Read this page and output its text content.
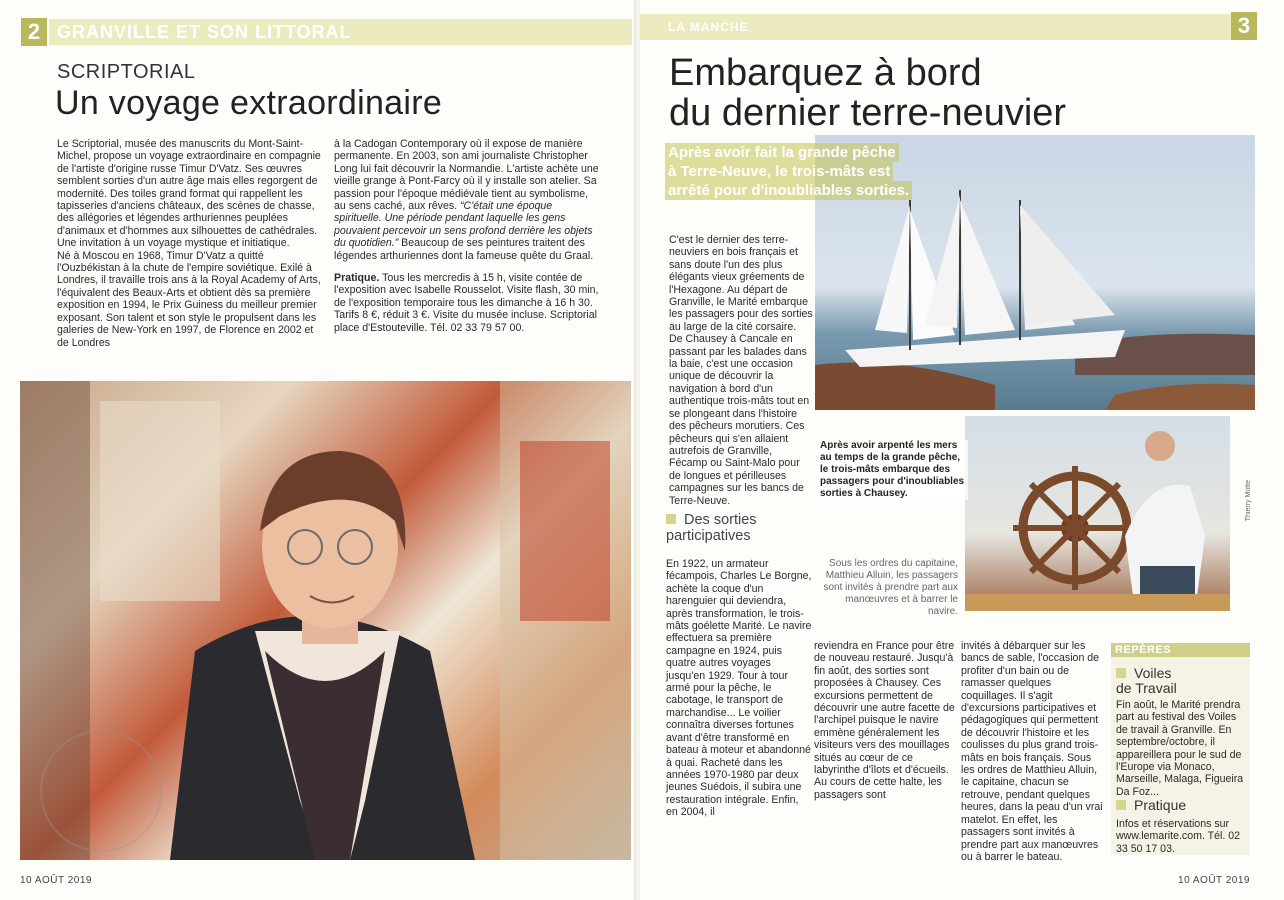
2 GRANVILLE ET SON LITTORAL
SCRIPTORIAL
Un voyage extraordinaire

Le Scriptorial, musée des manuscrits du Mont-Saint-Michel, propose un voyage extraordinaire en compagnie de l'artiste d'origine russe Timur D'Vatz. Ses œuvres semblent sorties d'un autre âge mais elles regorgent de modernité. Des toiles grand format qui rappellent les tapisseries d'anciens châteaux, des scènes de chasse, des allégories et légendes arthuriennes peuplées d'animaux et d'hommes aux silhouettes de cathédrales. Une invitation à un voyage mystique et initiatique.

Né à Moscou en 1968, Timur D'Vatz a quitté l'Ouzbékistan à la chute de l'empire soviétique. Exilé à Londres, il travaille trois ans à la Royal Academy of Arts, l'équivalent des Beaux-Arts et obtient dès sa première exposition en 1994, le Prix Guiness du meilleur premier exposant. Son talent et son style le propulsent dans les galeries de New-York en 1997, de Florence en 2002 et de Londres

à la Cadogan Contemporary où il expose de manière permanente. En 2003, son ami journaliste Christopher Long lui fait découvrir la Normandie. L'artiste achète une vieille grange à Pont-Farcy où il y installe son atelier. Sa passion pour l'époque médiévale tient au symbolisme, au sens caché, aux rêves. “C'était une époque spirituelle. Une période pendant laquelle les gens pouvaient percevoir un sens profond derrière les objets du quotidien.” Beaucoup de ses peintures traitent des légendes arthuriennes dont la fameuse quête du Graal.

Pratique. Tous les mercredis à 15 h, visite contée de l'exposition avec Isabelle Rousselot. Visite flash, 30 min, de l'exposition temporaire tous les dimanche à 16 h 30. Tarifs 8 €, réduit 3 €. Visite du musée incluse. Scriptorial place d'Estouteville. Tél. 02 33 79 57 00.

10 AOÛT 2019
LA MANCHE	3
Embarquez à bord
du dernier terre-neuvier
Après avoir fait la grande pêche
à Terre-Neuve, le trois-mâts est
arrêté pour d'inoubliables sorties.
Après avoir arpenté les mers au temps de la grande pêche, le trois-mâts embarque des passagers pour d'inoubliables sorties à Chausey.	Thierry Motte

C'est le dernier des terre-neuviers en bois français et sans doute l'un des plus élégants vieux gréements de l'Hexagone. Au départ de Granville, le Marité embarque les passagers pour des sorties au large de la cité corsaire.

De Chausey à Cancale en passant par les balades dans la baie, c'est une occasion unique de découvrir la navigation à bord d'un authentique trois-mâts tout en se plongeant dans l'histoire des pêcheurs morutiers. Ces pêcheurs qui s'en allaient autrefois de Granville, Fécamp ou Saint-Malo pour de longues et périlleuses campagnes sur les bancs de Terre-Neuve.

Des sorties
participatives
Sous les ordres du capitaine, Matthieu Alluin, les passagers sont invités à prendre part aux manœuvres et à barrer le navire.
En 1922, un armateur fécampois, Charles Le Borgne, achète la coque d'un harenguier qui deviendra, après transformation, le trois-mâts goélette Marité. Le navire effectuera sa première campagne en 1924, puis quatre autres voyages jusqu'en 1929. Tour à tour armé pour la pêche, le cabotage, le transport de marchandise... Le voilier connaîtra diverses fortunes avant d'être transformé en bateau à moteur et abandonné à quai. Racheté dans les années 1970-1980 par deux jeunes Suédois, il subira une restauration intégrale. Enfin, en 2004, il
reviendra en France pour être de nouveau restauré. Jusqu'à fin août, des sorties sont proposées à Chausey. Ces excursions permettent de découvrir une autre facette de l'archipel puisque le navire emmène généralement les visiteurs vers des mouillages situés au cœur de ce labyrinthe d'îlots et d'écueils. Au cours de cette halte, les passagers sont
invités à débarquer sur les bancs de sable, l'occasion de profiter d'un bain ou de ramasser quelques coquillages. Il s'agit d'excursions participatives et pédagogiques qui permettent de découvrir l'histoire et les coulisses du plus grand trois-mâts en bois français. Sous les ordres de Matthieu Alluin, le capitaine, chacun se retrouve, pendant quelques heures, dans la peau d'un vrai matelot. En effet, les passagers sont invités à prendre part aux manœuvres ou à barrer le bateau.
REPÈRES
Voiles
de Travail
Fin août, le Marité prendra part au festival des Voiles de travail à Granville. En septembre/octobre, il appareillera pour le sud de l'Europe via Monaco, Marseille, Malaga, Figueira Da Foz...
Pratique
Infos et réservations sur www.lemarite.com. Tél. 02 33 50 17 03.
10 AOÛT 2019
